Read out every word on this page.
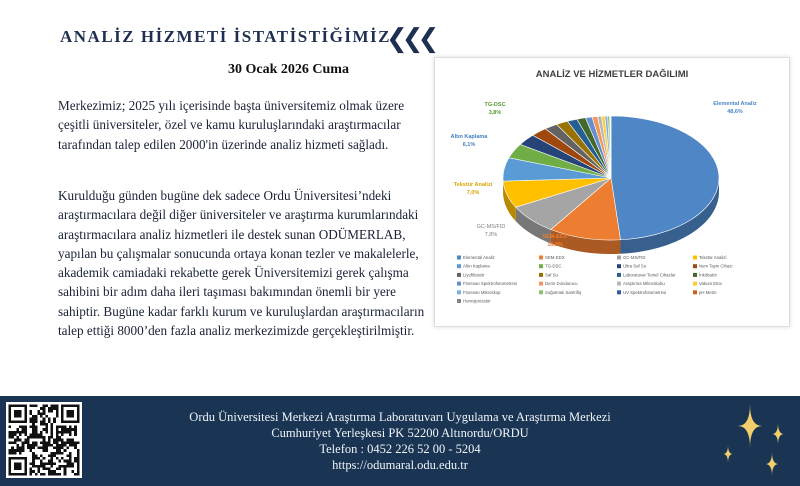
ANALİZ HİZMETİ İSTATİSTİĞİMİZ
❮❮❮
30 Ocak 2026 Cuma
Merkezimiz; 2025 yılı içerisinde başta üniversitemiz olmak üzere çeşitli üniversiteler, özel ve kamu kuruluşlarındaki araştırmacılar tarafından talep edilen 2000'in üzerinde analiz hizmeti sağladı.
Kurulduğu günden bugüne dek sadece Ordu Üniversitesi’ndeki araştırmacılara değil diğer üniversiteler ve araştırma kurumlarındaki araştırmacılara analiz hizmetleri ile destek sunan ODÜMERLAB, yapılan bu çalışmalar sonucunda ortaya konan tezler ve makalelerle, akademik camiadaki rekabette gerek Üniversitemizi gerek çalışma sahibini bir adım daha ileri taşıması bakımından önemli bir yere sahiptir. Bugüne kadar farklı kurum ve kuruluşlardan araştırmacıların talep ettiği 8000’den fazla analiz merkezimizde gerçekleştirilmiştir.
ANALİZ VE HİZMETLER DAĞILIMI
Elemental Analiz
48,6%
SEM-EDX
10,8%
GC-MS/FID
7,8%
Tekstür Analizi
7,0%
Altın Kaplama
6,1%
TG-DSC
3,8%
Elemental Analiz	SEM-EDX	GC-MS/FID	Tekstür Analizi
Altın Kaplama	TG-DSC	Ultra Saf Su	Nem Tayin Cihazı
Liyofilizatör	Saf Su	Laboratuvar Temel Cihazlar	İnkübatör
Floresan Spektrofotometresi	Derin Dondurucu	Araştırma Mikroskobu	Vakum Etüv
Floresan Mikroskop	Soğutmalı Santrifüj	UV Spektrofotometresi	pH Metre
Homojenizatör
Ordu Üniversitesi Merkezi Araştırma Laboratuvarı Uygulama ve Araştırma Merkezi
Cumhuriyet Yerleşkesi PK 52200 Altınordu/ORDU
Telefon : 0452 226 52 00 - 5204
https://odumaral.odu.edu.tr
